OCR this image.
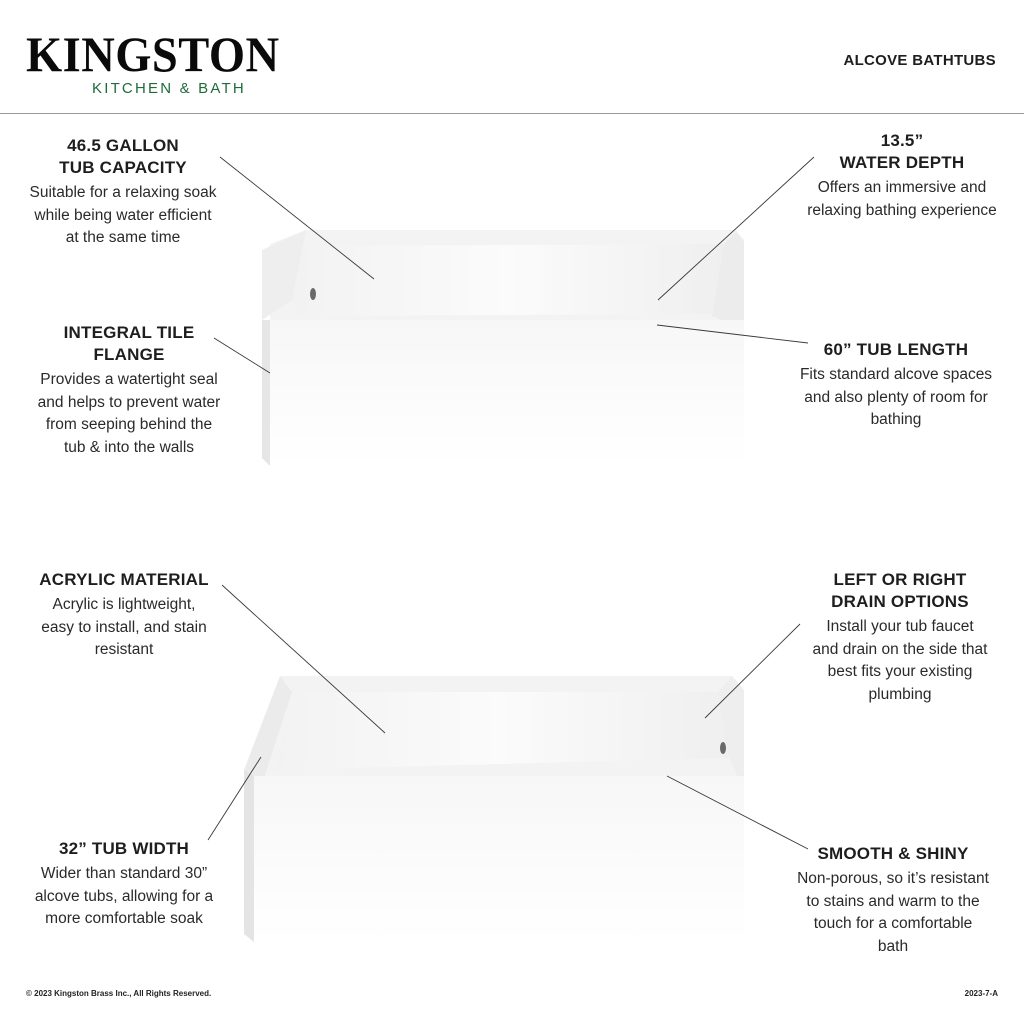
KINGSTON
KITCHEN & BATH
ALCOVE BATHTUBS
46.5 GALLON
TUB CAPACITY
Suitable for a relaxing soak
while being water efficient
at the same time
13.5”
WATER DEPTH
Offers an immersive and
relaxing bathing experience
INTEGRAL TILE
FLANGE
Provides a watertight seal
and helps to prevent water
from seeping behind the
tub & into the walls
60” TUB LENGTH
Fits standard alcove spaces
and also plenty of room for
bathing
ACRYLIC MATERIAL
Acrylic is lightweight,
easy to install, and stain
resistant
LEFT OR RIGHT
DRAIN OPTIONS
Install your tub faucet
and drain on the side that
best fits your existing
plumbing
32” TUB WIDTH
Wider than standard 30”
alcove tubs, allowing for a
more comfortable soak
SMOOTH & SHINY
Non-porous, so it’s resistant
to stains and warm to the
touch for a comfortable
bath
© 2023 Kingston Brass Inc., All Rights Reserved.	2023-7-A
